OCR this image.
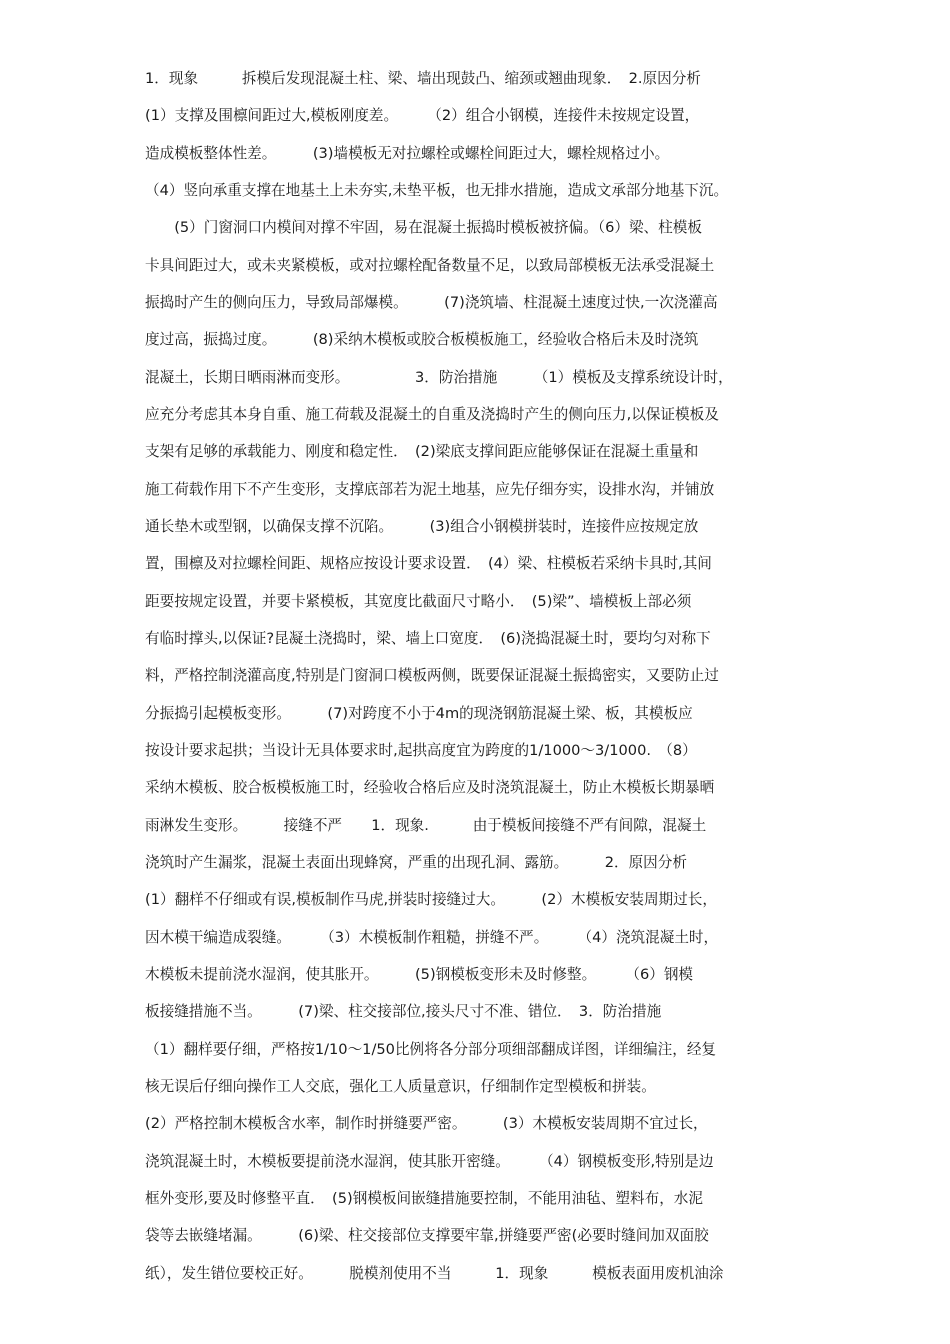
1．现象　　　拆模后发现混凝土柱、梁、墙出现鼓凸、缩颈或翘曲现象．　2.原因分析
(1）支撑及围檩间距过大,模板刚度差。　　　（2）组合小钢模，连接件未按规定设置，
造成模板整体性差。　　　(3)墙模板无对拉螺栓或螺栓间距过大，螺栓规格过小。
（4）竖向承重支撑在地基土上未夯实,未垫平板，也无排水措施，造成文承部分地基下沉。
　　(5）门窗洞口内模间对撑不牢固，易在混凝土振捣时模板被挤偏。（6）梁、柱模板
卡具间距过大，或未夹紧模板，或对拉螺栓配备数量不足，以致局部模板无法承受混凝土
振捣时产生的侧向压力，导致局部爆模。　　　(7)浇筑墙、柱混凝土速度过快,一次浇灌高
度过高，振捣过度。　　　(8)采纳木模板或胶合板模板施工，经验收合格后未及时浇筑
混凝土，长期日晒雨淋而变形。　　　　　3．防治措施　　　（1）模板及支撑系统设计时，
应充分考虑其本身自重、施工荷载及混凝土的自重及浇捣时产生的侧向压力,以保证模板及
支架有足够的承载能力、刚度和稳定性．　(2)梁底支撑间距应能够保证在混凝土重量和
施工荷载作用下不产生变形，支撑底部若为泥土地基，应先仔细夯实，设排水沟，并铺放
通长垫木或型钢，以确保支撑不沉陷。　　　(3)组合小钢模拼装时，连接件应按规定放
置，围檩及对拉螺栓间距、规格应按设计要求设置．　(4）梁、柱模板若采纳卡具时,其间
距要按规定设置，并要卡紧模板，其宽度比截面尺寸略小．　(5)梁”、墙模板上部必须
有临时撑头,以保证?昆凝土浇捣时，梁、墙上口宽度．　(6)浇捣混凝土时，要均匀对称下
料，严格控制浇灌高度,特别是门窗洞口模板两侧，既要保证混凝土振捣密实，又要防止过
分振捣引起模板变形。　　　(7)对跨度不小于4m的现浇钢筋混凝土梁、板，其模板应
按设计要求起拱；当设计无具体要求时,起拱高度宜为跨度的1/1000～3/1000.　（8）
采纳木模板、胶合板模板施工时，经验收合格后应及时浇筑混凝土，防止木模板长期暴晒
雨淋发生变形。　　　接缝不严　　1．现象.　　　由于模板间接缝不严有间隙，混凝土
浇筑时产生漏浆，混凝土表面出现蜂窝，严重的出现孔洞、露筋。　　　2．原因分析
(1）翻样不仔细或有误,模板制作马虎,拼装时接缝过大。　　　(2）木模板安装周期过长，
因木模干编造成裂缝。　　　（3）木模板制作粗糙，拼缝不严。　　　（4）浇筑混凝土时，
木模板未提前浇水湿润，使其胀开。　　　(5)钢模板变形未及时修整。　　　（6）钢模
板接缝措施不当。　　　(7)梁、柱交接部位,接头尺寸不准、错位．　3．防治措施
（1）翻样要仔细，严格按1/10～1/50比例将各分部分项细部翻成详图，详细编注，经复
核无误后仔细向操作工人交底，强化工人质量意识，仔细制作定型模板和拼装。
(2）严格控制木模板含水率，制作时拼缝要严密。　　　(3）木模板安装周期不宜过长，
浇筑混凝土时，木模板要提前浇水湿润，使其胀开密缝。　　　（4）钢模板变形,特别是边
框外变形,要及时修整平直．　(5)钢模板间嵌缝措施要控制，不能用油毡、塑料布，水泥
袋等去嵌缝堵漏。　　　(6)梁、柱交接部位支撑要牢靠,拼缝要严密(必要时缝间加双面胶
纸），发生错位要校正好。　　　脱模剂使用不当　　　1．现象　　　模板表面用废机油涂
